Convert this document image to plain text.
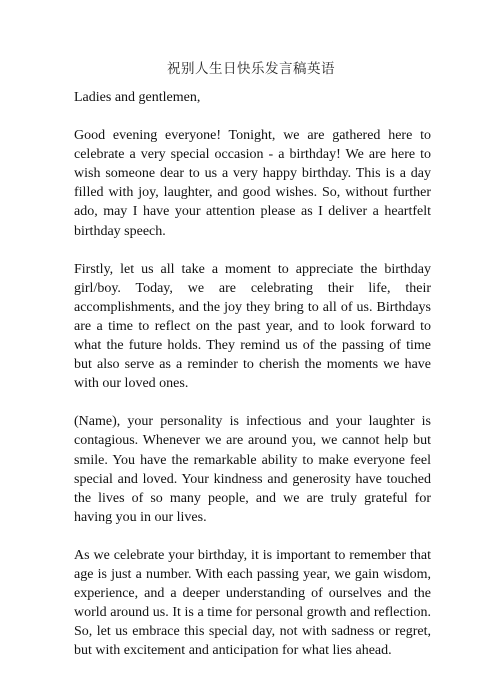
祝别人生日快乐发言稿英语

Ladies and gentlemen,

Good evening everyone! Tonight, we are gathered here to celebrate a very special occasion - a birthday! We are here to wish someone dear to us a very happy birthday. This is a day filled with joy, laughter, and good wishes. So, without further ado, may I have your attention please as I deliver a heartfelt birthday speech.

Firstly, let us all take a moment to appreciate the birthday girl/boy. Today, we are celebrating their life, their accomplishments, and the joy they bring to all of us. Birthdays are a time to reflect on the past year, and to look forward to what the future holds. They remind us of the passing of time but also serve as a reminder to cherish the moments we have with our loved ones.

(Name), your personality is infectious and your laughter is contagious. Whenever we are around you, we cannot help but smile. You have the remarkable ability to make everyone feel special and loved. Your kindness and generosity have touched the lives of so many people, and we are truly grateful for having you in our lives.

As we celebrate your birthday, it is important to remember that age is just a number. With each passing year, we gain wisdom, experience, and a deeper understanding of ourselves and the world around us. It is a time for personal growth and reflection. So, let us embrace this special day, not with sadness or regret, but with excitement and anticipation for what lies ahead.
